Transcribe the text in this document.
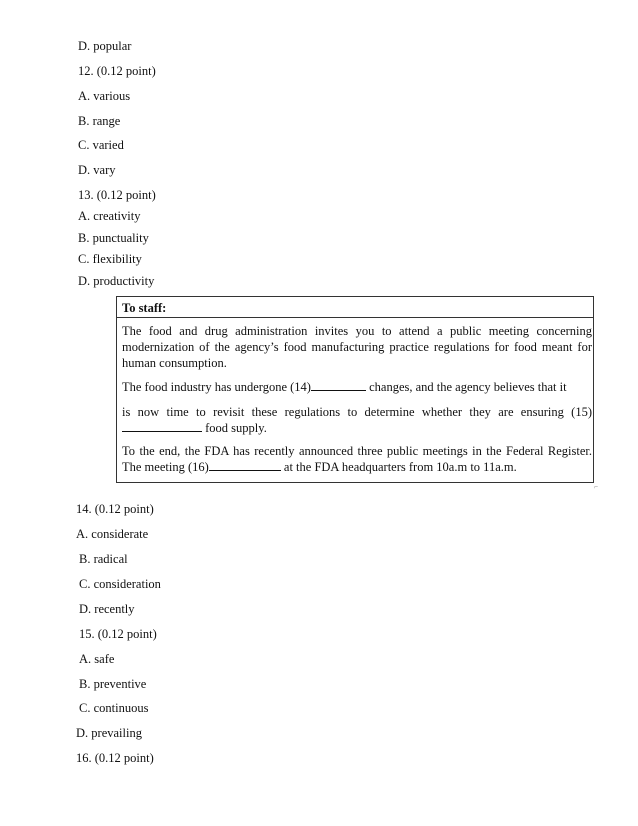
D. popular
12. (0.12 point)
A. various
B. range
C. varied
D. vary
13. (0.12 point)
A. creativity
B. punctuality
C. flexibility
D. productivity
To staff:
The food and drug administration invites you to attend a public meeting concerning modernization of the agency’s food manufacturing practice regulations for food meant for human consumption.
The food industry has undergone (14)	changes, and the agency believes that it
is now time to revisit these regulations to determine whether they are ensuring (15) food supply.
To the end, the FDA has recently announced three public meetings in the Federal Register. The meeting (16)	at the FDA headquarters from 10a.m to 11a.m.
⌐
14. (0.12 point)
A. considerate
B. radical
C. consideration
D. recently
15. (0.12 point)
A. safe
B. preventive
C. continuous
D. prevailing
16. (0.12 point)
